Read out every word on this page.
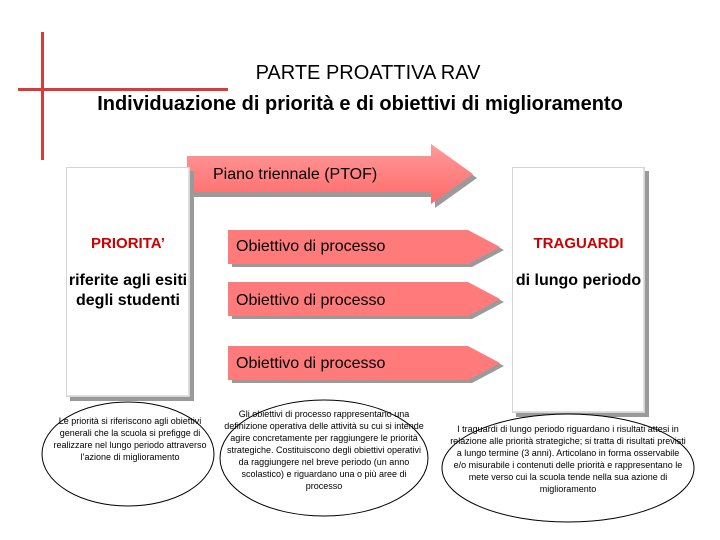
PARTE PROATTIVA RAV
Individuazione di priorità e di obiettivi di miglioramento
Piano triennale (PTOF)
PRIORITA’
riferite agli esiti degli studenti
TRAGUARDI
di lungo periodo
Obiettivo di processo
Obiettivo di processo
Obiettivo di processo
Le priorità si riferiscono agli obiettivi generali che la scuola si prefigge di realizzare nel lungo periodo attraverso l’azione di miglioramento
Gli obiettivi di processo rappresentano una definizione operativa delle attività su cui si intende agire concretamente per raggiungere le priorità strategiche. Costituiscono degli obiettivi operativi da raggiungere nel breve periodo (un anno scolastico) e riguardano una o più aree di processo
I traguardi di lungo periodo riguardano i risultati attesi in relazione alle priorità strategiche; si tratta di risultati previsti a lungo termine (3 anni). Articolano in forma osservabile e/o misurabile i contenuti delle priorità e rappresentano le mete verso cui la scuola tende nella sua azione di miglioramento
